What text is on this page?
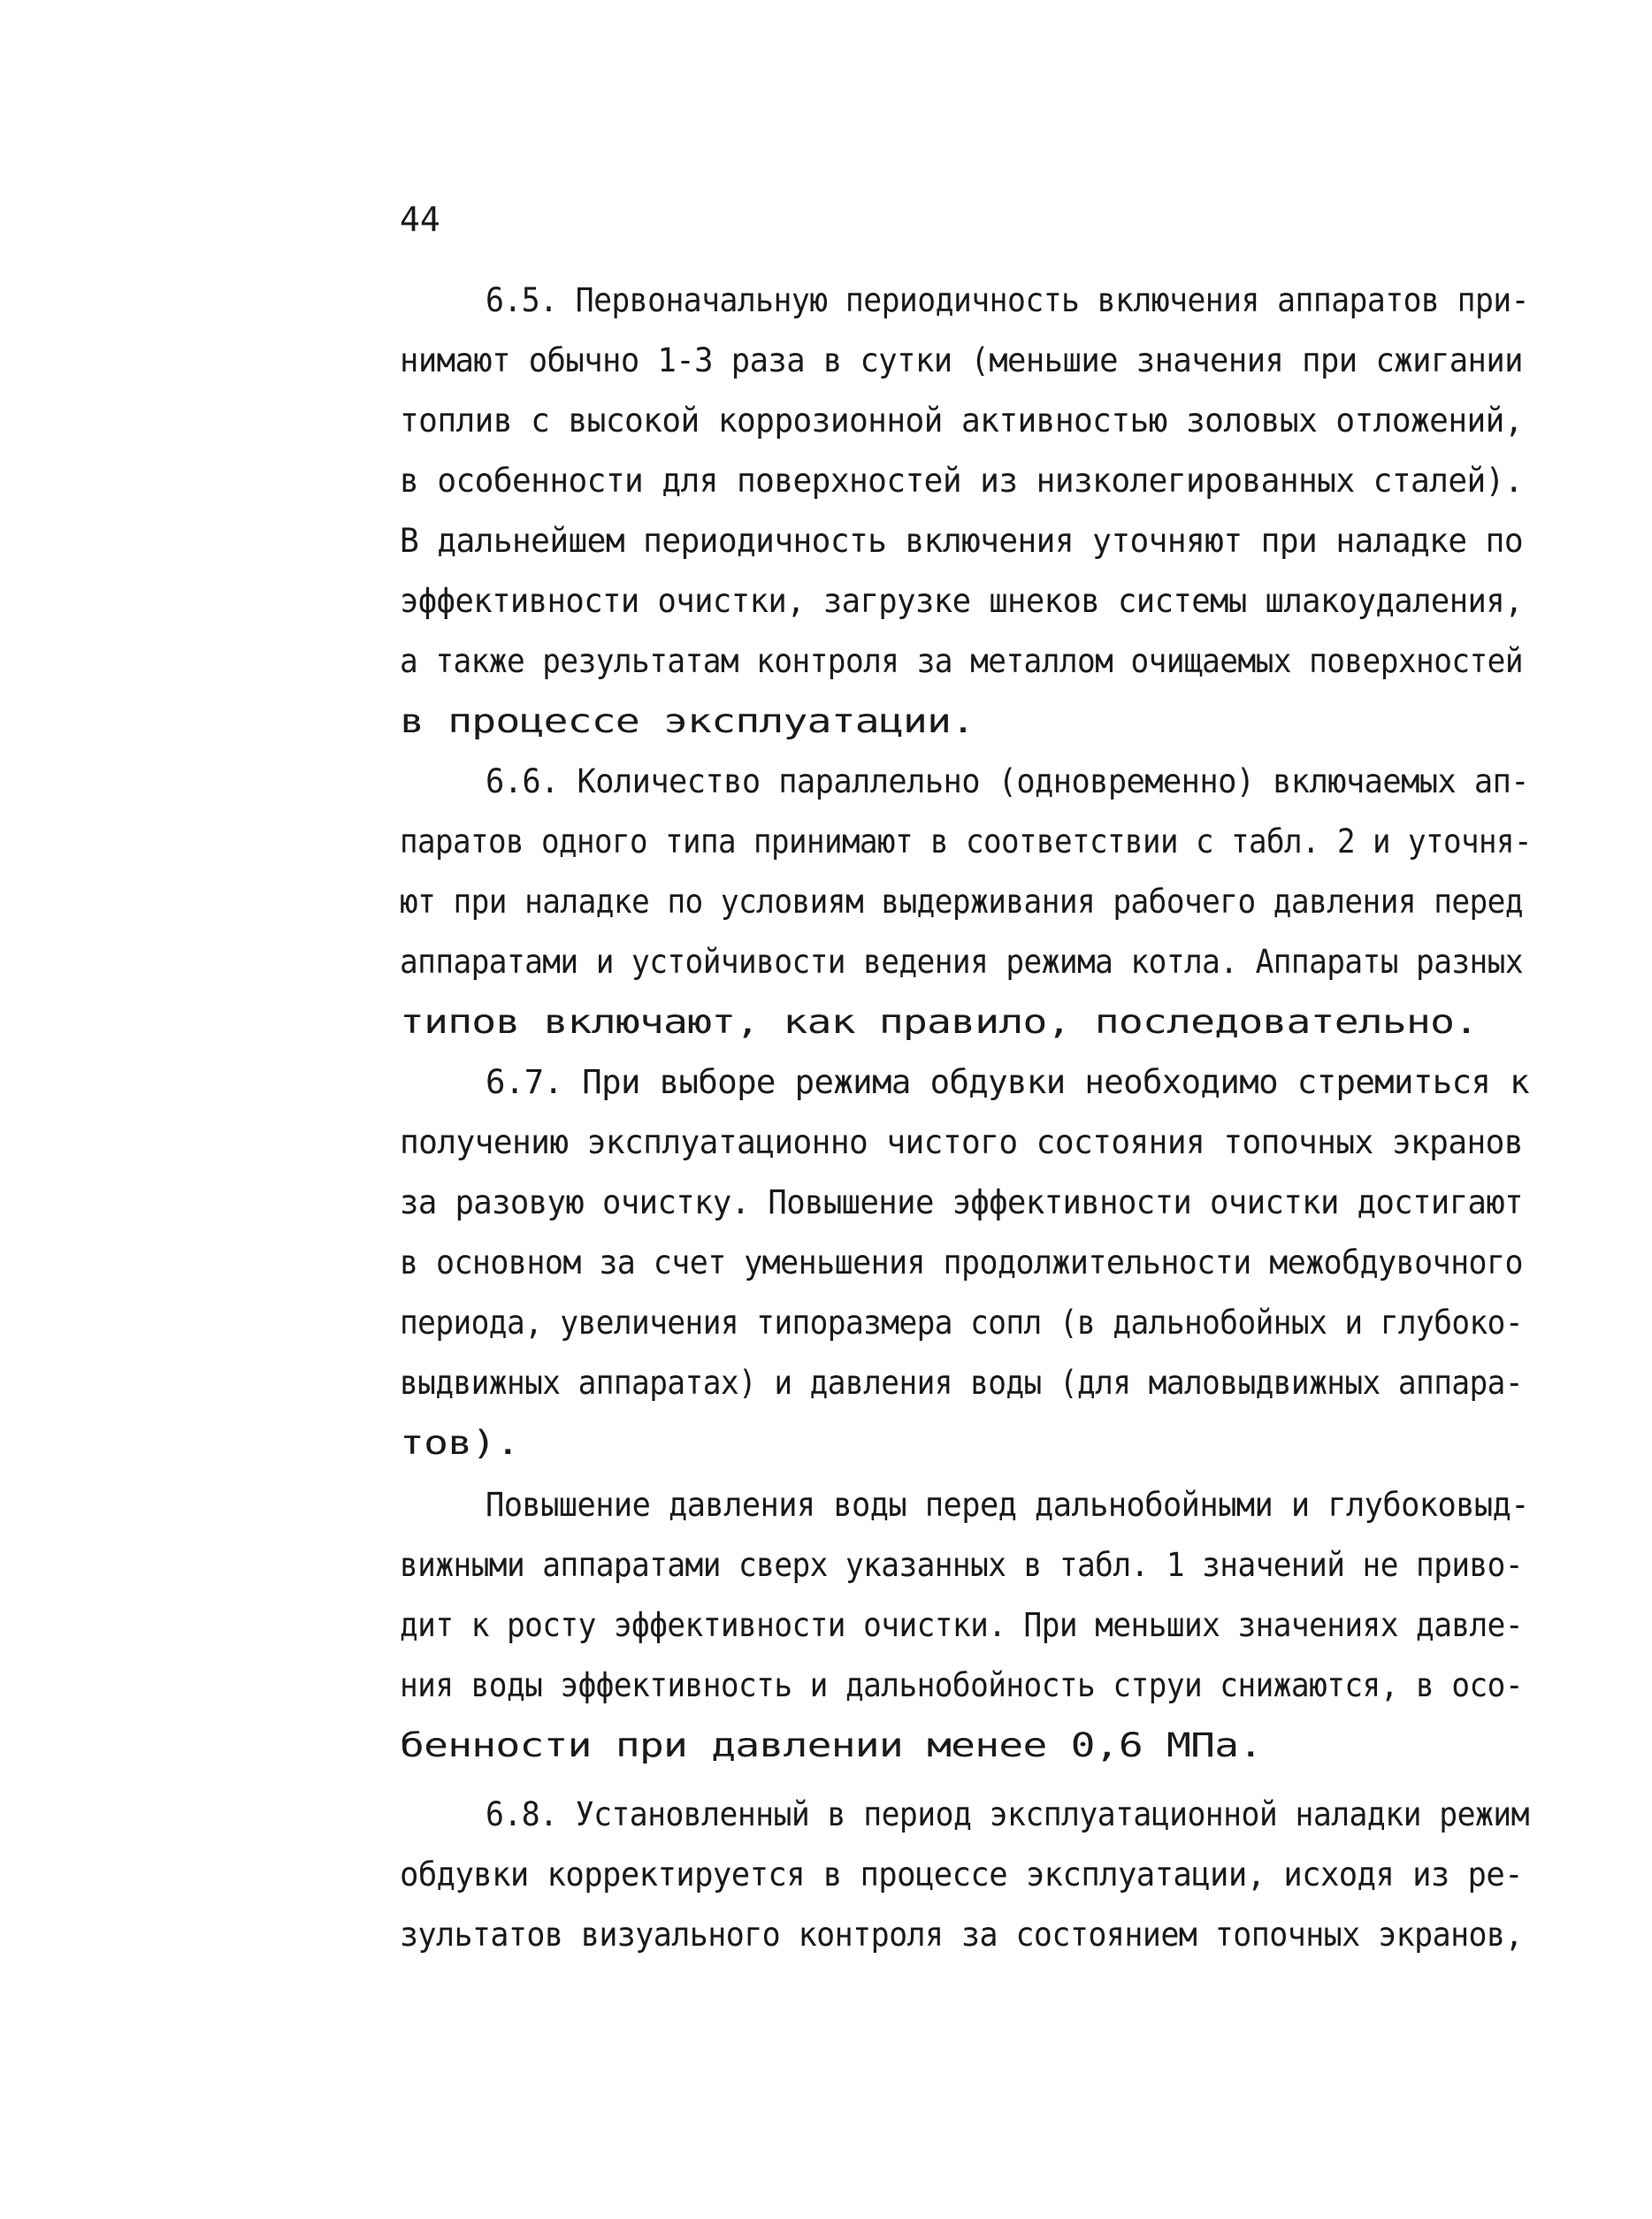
44

6.5. Первоначальную периодичность включения аппаратов при-

нимают обычно 1-3 раза в сутки (меньшие значения при сжигании

топлив с высокой коррозионной активностью золовых отложений,

в особенности для поверхностей из низколегированных сталей).

В дальнейшем периодичность включения уточняют при наладке по

эффективности очистки, загрузке шнеков системы шлакоудаления,

а также результатам контроля за металлом очищаемых поверхностей

в процессе эксплуатации.

6.6. Количество параллельно (одновременно) включаемых ап-

паратов одного типа принимают в соответствии с табл. 2 и уточня-

ют при наладке по условиям выдерживания рабочего давления перед

аппаратами и устойчивости ведения режима котла. Аппараты разных

типов включают, как правило, последовательно.

6.7. При выборе режима обдувки необходимо стремиться к

получению эксплуатационно чистого состояния топочных экранов

за разовую очистку. Повышение эффективности очистки достигают

в основном за счет уменьшения продолжительности межобдувочного

периода, увеличения типоразмера сопл (в дальнобойных и глубоко-

выдвижных аппаратах) и давления воды (для маловыдвижных аппара-

тов).

Повышение давления воды перед дальнобойными и глубоковыд-

вижными аппаратами сверх указанных в табл. 1 значений не приво-

дит к росту эффективности очистки. При меньших значениях давле-

ния воды эффективность и дальнобойность струи снижаются, в осо-

бенности при давлении менее 0,6 МПа.

6.8. Установленный в период эксплуатационной наладки режим

обдувки корректируется в процессе эксплуатации, исходя из ре-

зультатов визуального контроля за состоянием топочных экранов,
